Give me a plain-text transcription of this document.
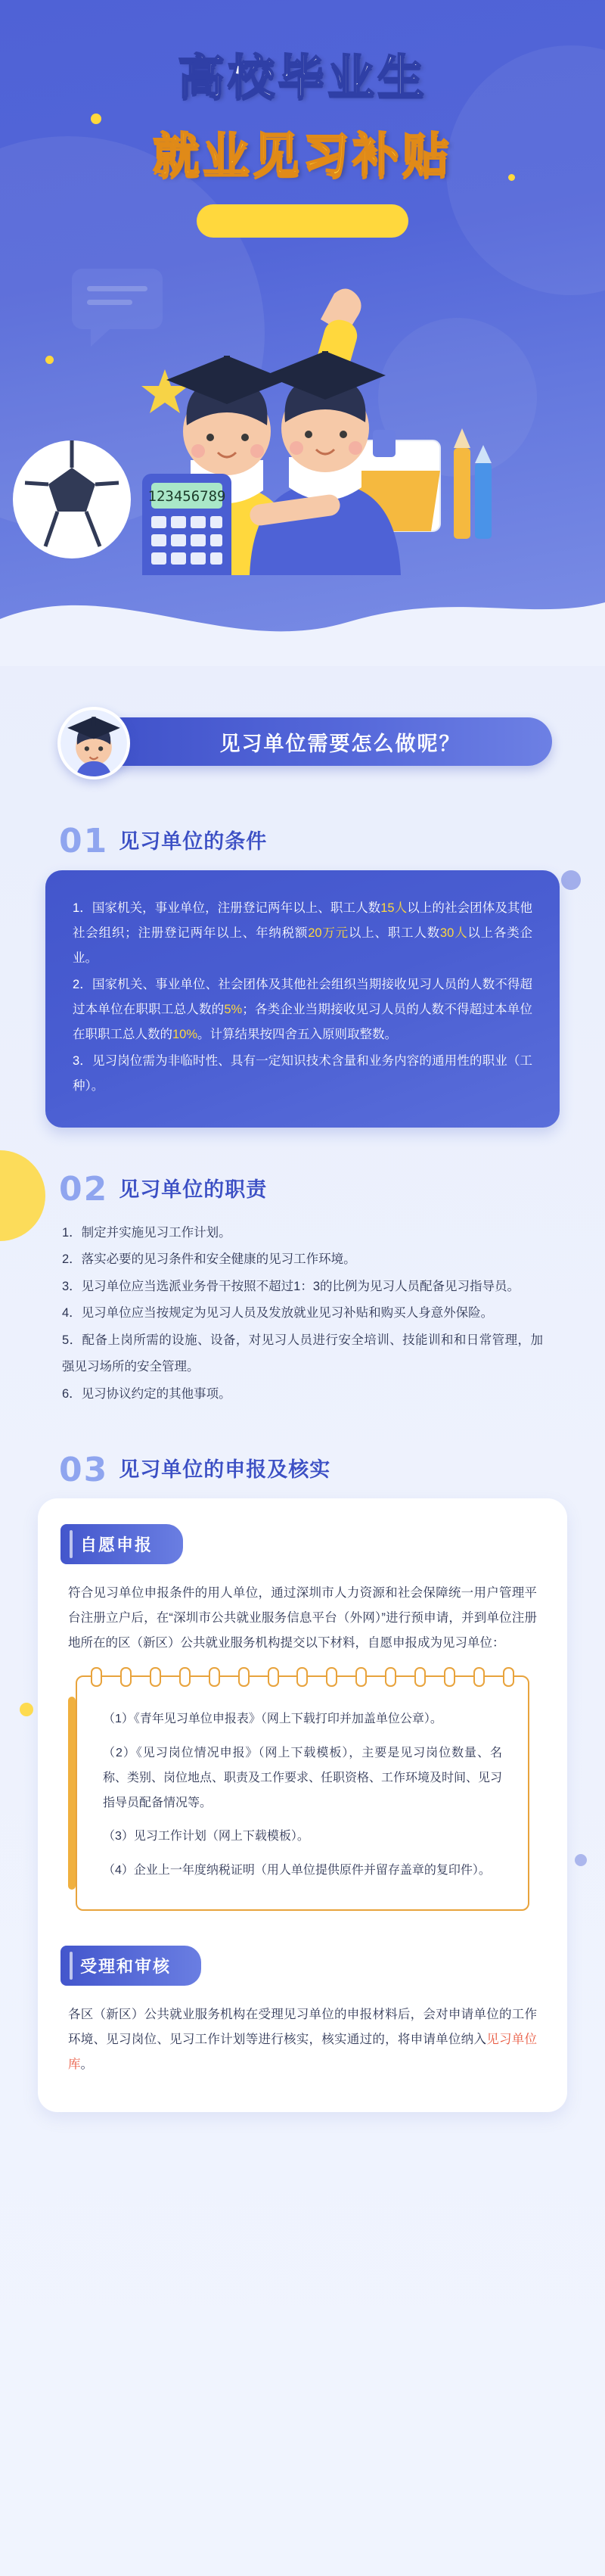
高校毕业生
就业见习补贴
123456789
见习单位需要怎么做呢？
01 见习单位的条件

1．国家机关，事业单位，注册登记两年以上、职工人数15人以上的社会团体及其他社会组织；注册登记两年以上、年纳税额20万元以上、职工人数30人以上各类企业。

2．国家机关、事业单位、社会团体及其他社会组织当期接收见习人员的人数不得超过本单位在职职工总人数的5%；各类企业当期接收见习人员的人数不得超过本单位在职职工总人数的10%。计算结果按四舍五入原则取整数。

3．见习岗位需为非临时性、具有一定知识技术含量和业务内容的通用性的职业（工种）。

02 见习单位的职责

1．制定并实施见习工作计划。

2．落实必要的见习条件和安全健康的见习工作环境。

3．见习单位应当选派业务骨干按照不超过1：3的比例为见习人员配备见习指导员。

4．见习单位应当按规定为见习人员及发放就业见习补贴和购买人身意外保险。

5．配备上岗所需的设施、设备，对见习人员进行安全培训、技能训和和日常管理，加强见习场所的安全管理。

6．见习协议约定的其他事项。

03 见习单位的申报及核实
自愿申报
符合见习单位申报条件的用人单位，通过深圳市人力资源和社会保障统一用户管理平台注册立户后，在“深圳市公共就业服务信息平台（外网）”进行预申请，并到单位注册地所在的区（新区）公共就业服务机构提交以下材料，自愿申报成为见习单位：
（1）《青年见习单位申报表》（网上下载打印并加盖单位公章）。
（2）《见习岗位情况申报》（网上下载模板），主要是见习岗位数量、名称、类别、岗位地点、职责及工作要求、任职资格、工作环境及时间、见习指导员配备情况等。
（3）见习工作计划（网上下载模板）。
（4）企业上一年度纳税证明（用人单位提供原件并留存盖章的复印件）。
受理和审核
各区（新区）公共就业服务机构在受理见习单位的申报材料后，会对申请单位的工作环境、见习岗位、见习工作计划等进行核实，核实通过的，将申请单位纳入见习单位库。
